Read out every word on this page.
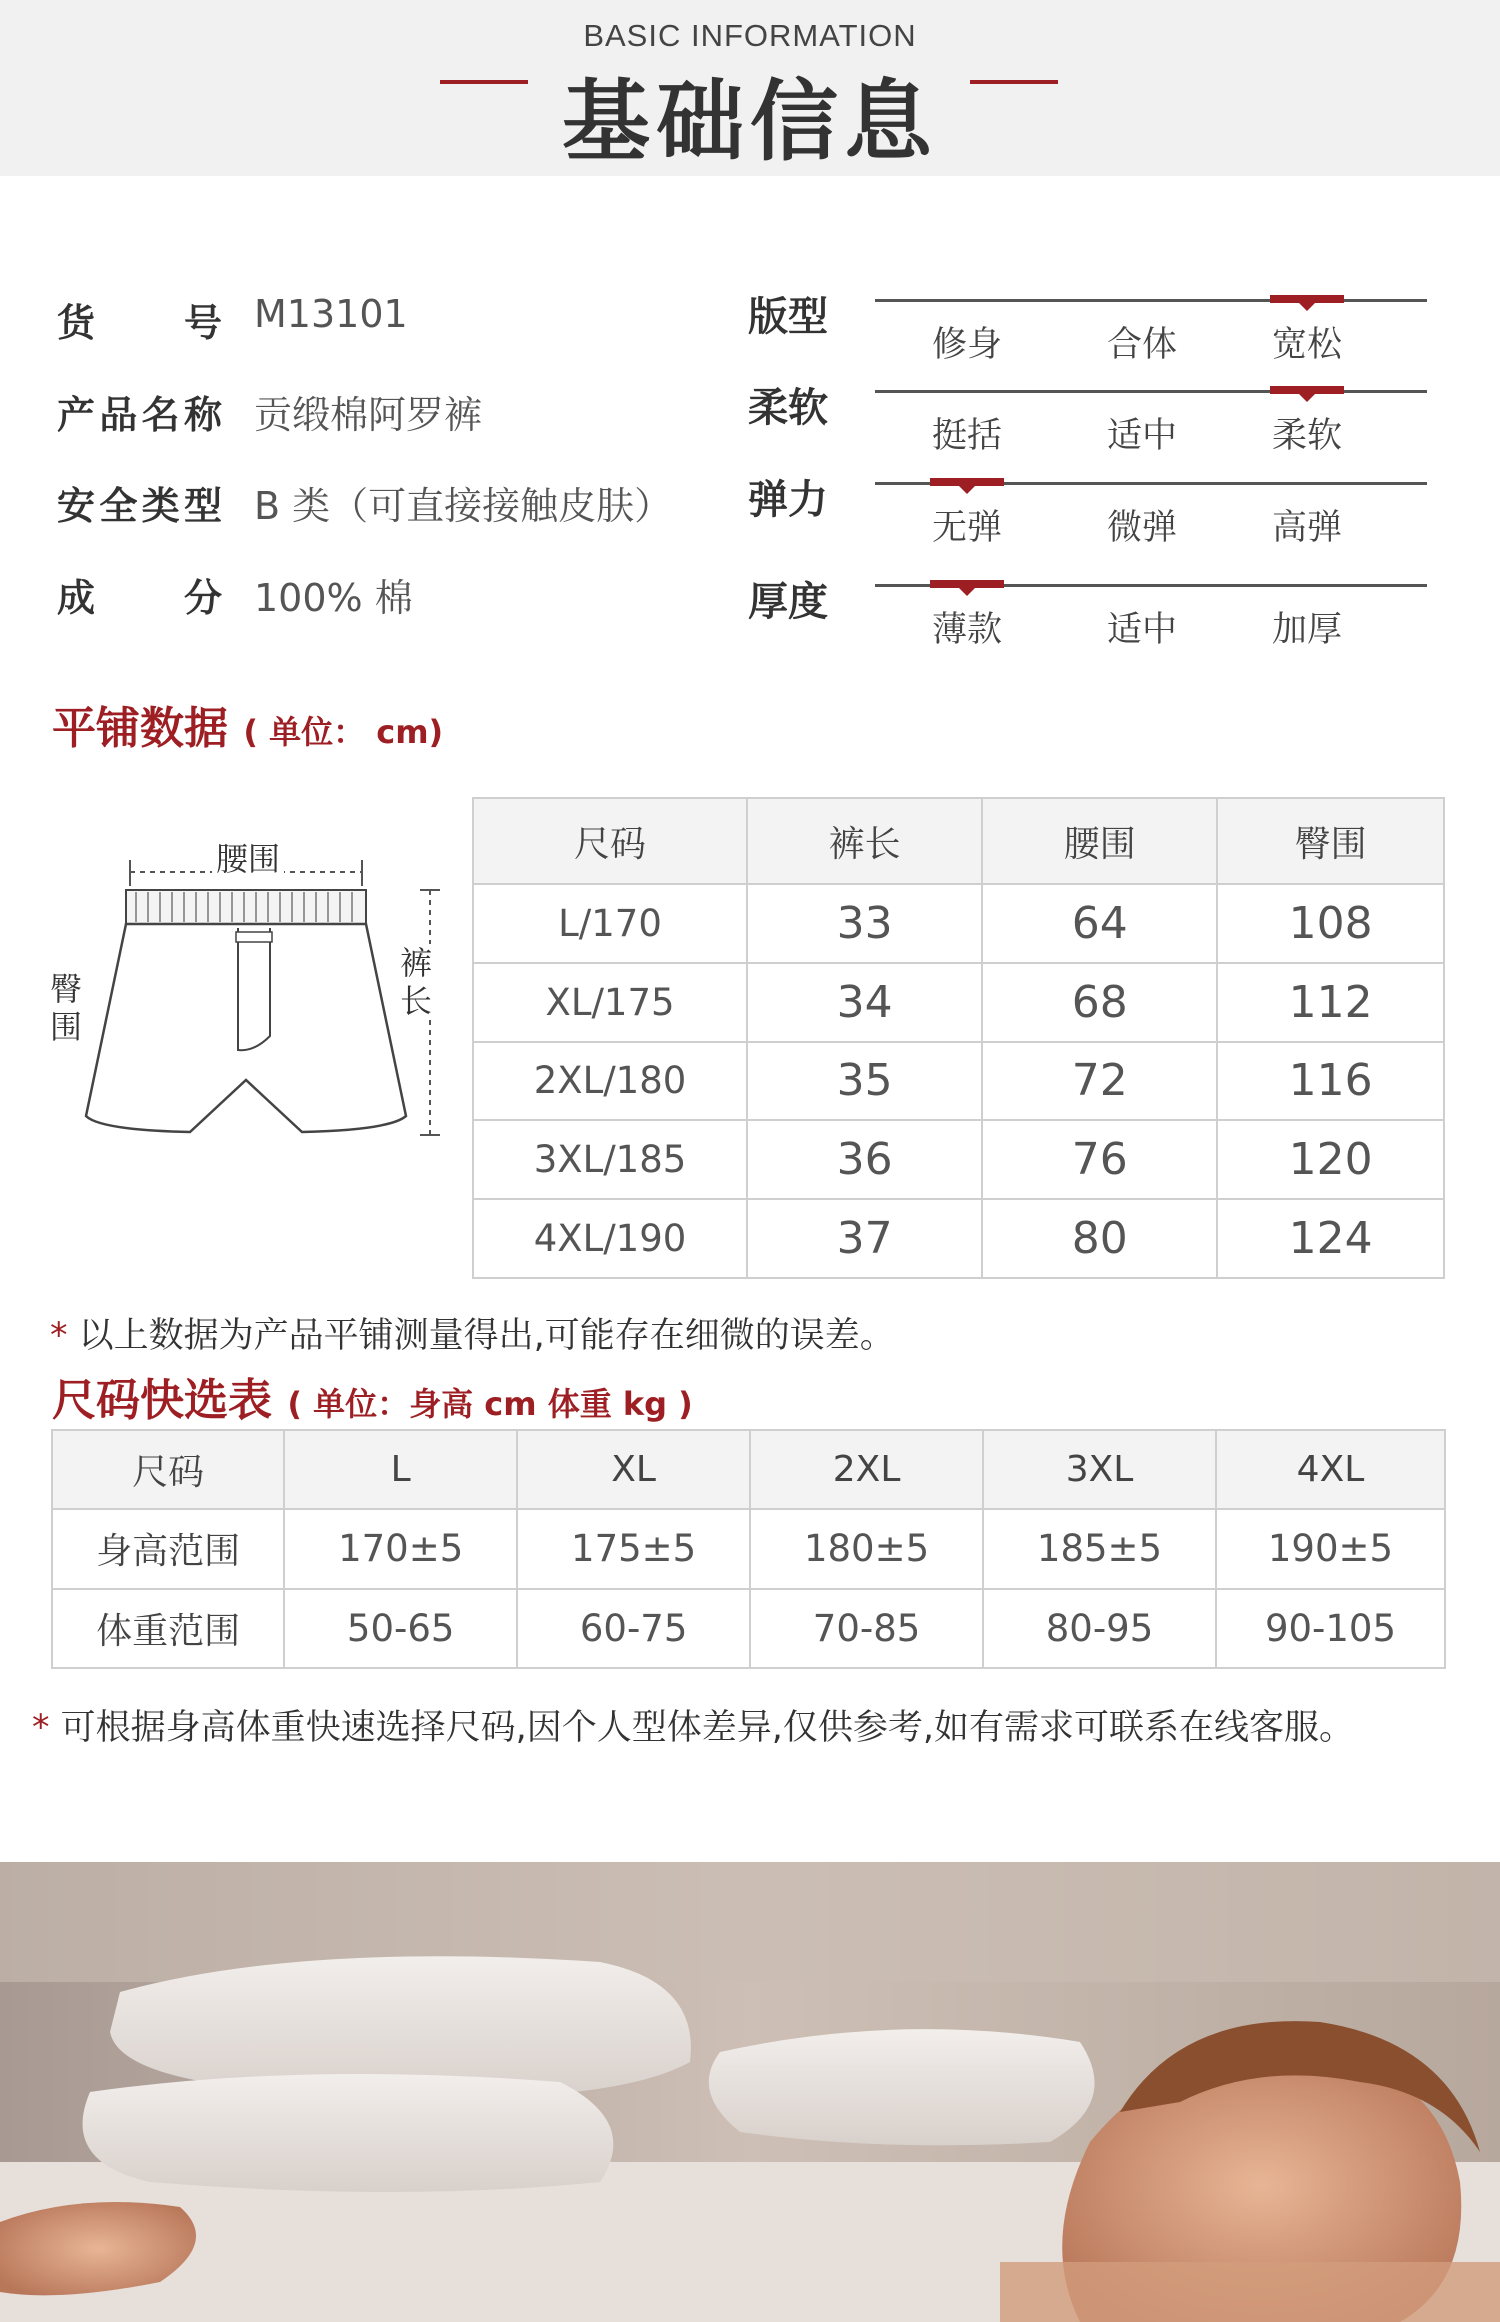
BASIC INFORMATION
基础信息
货号 M13101
产品名称 贡缎棉阿罗裤
安全类型 B 类（可直接接触皮肤）
成分 100% 棉
版型
修身	合体	宽松
柔软
挺括	适中	柔软
弹力
无弹	微弹	高弹
厚度
薄款	适中	加厚
平铺数据 ( 单位： cm)
腰围
臀围
裤长
尺码	裤长	腰围	臀围
L/170	33	64	108
XL/175	34	68	112
2XL/180	35	72	116
3XL/185	36	76	120
4XL/190	37	80	124
* 以上数据为产品平铺测量得出,可能存在细微的误差。
尺码快选表 ( 单位：身高 cm 体重 kg )
尺码	L	XL	2XL	3XL	4XL
身高范围	170±5	175±5	180±5	185±5	190±5
体重范围	50-65	60-75	70-85	80-95	90-105
* 可根据身高体重快速选择尺码,因个人型体差异,仅供参考,如有需求可联系在线客服。
